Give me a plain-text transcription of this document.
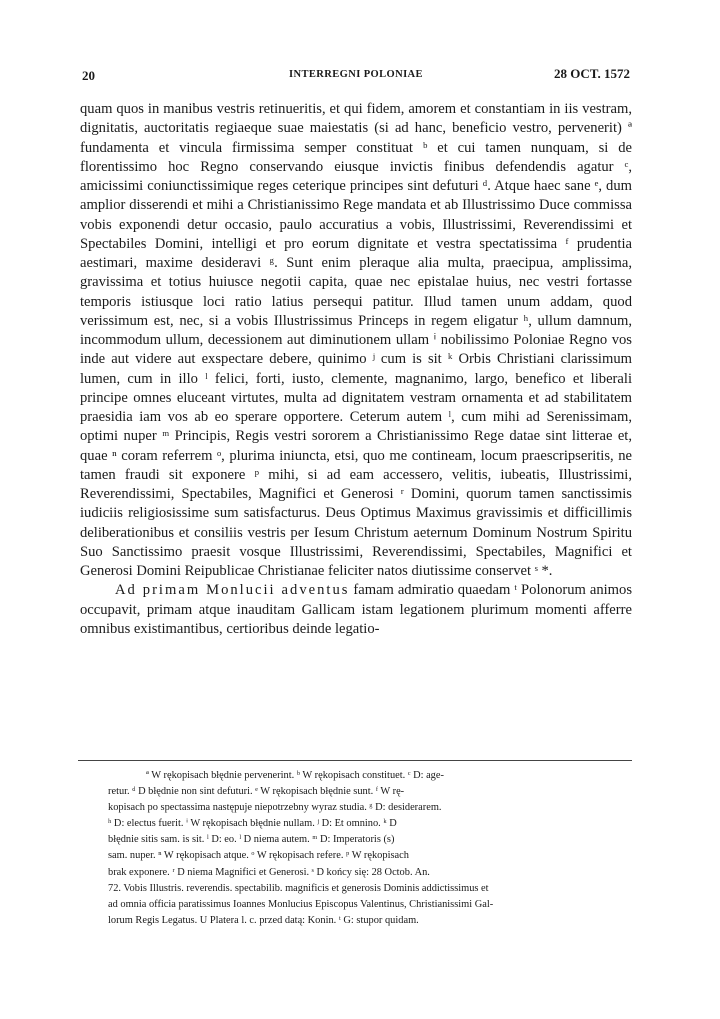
20	INTERREGNI POLONIAE	28 OCT. 1572

quam quos in manibus vestris retinueritis, et qui fidem, amorem et constantiam in iis vestram, dignitatis, auctoritatis regiaeque suae maiestatis (si ad hanc, beneficio vestro, pervenerit) ª fundamenta et vincula firmissima semper constituat ᵇ et cui tamen nunquam, si de florentissimo hoc Regno conservando eiusque invictis finibus defendendis agatur ᶜ, amicissimi coniunctissimique reges ceterique principes sint defuturi ᵈ. Atque haec sane ᵉ, dum amplior disserendi et mihi a Christianissimo Rege mandata et ab Illustrissimo Duce commissa vobis exponendi detur occasio, paulo accuratius a vobis, Illustrissimi, Reverendissimi et Spectabiles Domini, intelligi et pro eorum dignitate et vestra spectatissima ᶠ prudentia aestimari, maxime desideravi ᵍ. Sunt enim pleraque alia multa, praecipua, amplissima, gravissima et totius huiusce negotii capita, quae nec epistalae huius, nec vestri fortasse temporis istiusque loci ratio latius persequi patitur. Illud tamen unum addam, quod verissimum est, nec, si a vobis Illustrissimus Princeps in regem eligatur ʰ, ullum damnum, incommodum ullum, decessionem aut diminutionem ullam ⁱ nobilissimo Poloniae Regno vos inde aut videre aut exspectare debere, quinimo ʲ cum is sit ᵏ Orbis Christiani clarissimum lumen, cum in illo ˡ felici, forti, iusto, clemente, magnanimo, largo, benefico et liberali principe omnes eluceant virtutes, multa ad dignitatem vestram ornamenta et ad stabilitatem praesidia iam vos ab eo sperare opportere. Ceterum autem ˡ, cum mihi ad Serenissimam, optimi nuper ᵐ Principis, Regis vestri sororem a Christianissimo Rege datae sint litterae et, quae ⁿ coram referrem ᵒ, plurima iniuncta, etsi, quo me contineam, locum praescripseritis, ne tamen fraudi sit exponere ᵖ mihi, si ad eam accessero, velitis, iubeatis, Illustrissimi, Reverendissimi, Spectabiles, Magnifici et Generosi ʳ Domini, quorum tamen sanctissimis iudiciis religiosissime sum satisfacturus. Deus Optimus Maximus gravissimis et difficillimis deliberationibus et consiliis vestris per Iesum Christum aeternum Dominum Nostrum Spiritu Suo Sanctissimo praesit vosque Illustrissimi, Reverendissimi, Spectabiles, Magnifici et Generosi Domini Reipublicae Christianae feliciter natos diutissime conservet ˢ *.

Ad primam Monlucii adventus famam admiratio quaedam ᵗ Polonorum animos occupavit, primam atque inauditam Gallicam istam legationem plurimum momenti afferre omnibus existimantibus, certioribus deinde legatio-

ª W rękopisach błędnie pervenerint. ᵇ W rękopisach constituet. ᶜ D: age-

retur. ᵈ D błędnie non sint defuturi. ᵉ W rękopisach błędnie sunt. ᶠ W rę-

kopisach po spectassima następuje niepotrzebny wyraz studia. ᵍ D: desiderarem.

ʰ D: electus fuerit. ⁱ W rękopisach błędnie nullam. ʲ D: Et omnino. ᵏ D

błędnie sitis sam. is sit. ˡ D: eo. ˡ D niema autem. ᵐ D: Imperatoris (s)

sam. nuper. ⁿ W rękopisach atque. ᵒ W rękopisach refere. ᵖ W rękopisach

brak exponere. ʳ D niema Magnifici et Generosi. ˢ D końcy się: 28 Octob. An.

72. Vobis Illustris. reverendis. spectabilib. magnificis et generosis Dominis addictissimus et

ad omnia officia paratissimus Ioannes Monlucius Episcopus Valentinus, Christianissimi Gal-

lorum Regis Legatus. U Platera l. c. przed datą: Konin. ᵗ G: stupor quidam.
